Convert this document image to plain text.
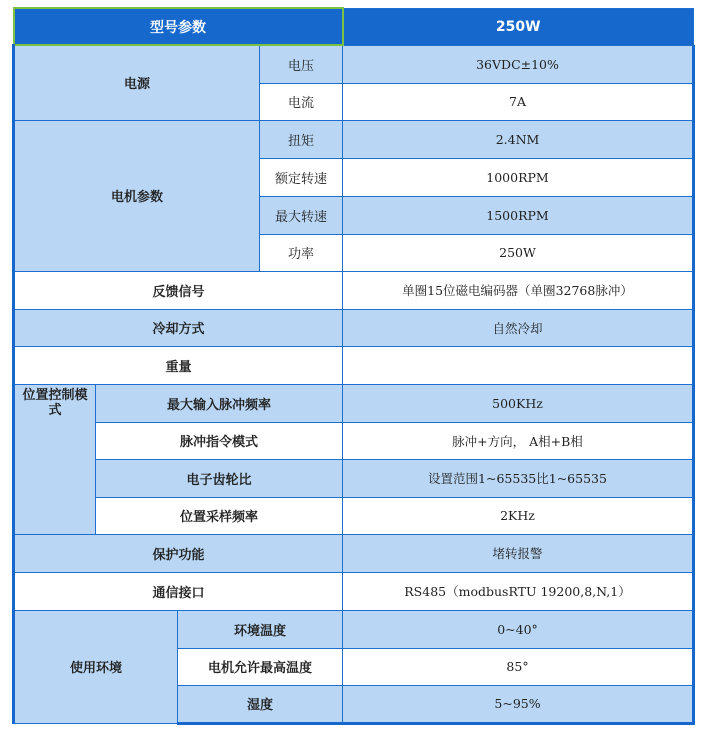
型号参数				250W
电源			电压	36VDC±10%
			电流	7A
电机参数			扭矩	2.4NM
			额定转速	1000RPM
			最大转速	1500RPM
			功率	250W
反馈信号				单圈15位磁电编码器（单圈32768脉冲）
冷却方式				自然冷却
重量				
位置控制模式	最大输入脉冲频率			500KHz
	脉冲指令模式			脉冲+方向， A相+B相
	电子齿轮比			设置范围1~65535比1~65535
	位置采样频率			2KHz
保护功能				堵转报警
通信接口				RS485（modbusRTU 19200,8,N,1）
使用环境		环境温度		0~40°
		电机允许最高温度		85°
		湿度		5~95%
